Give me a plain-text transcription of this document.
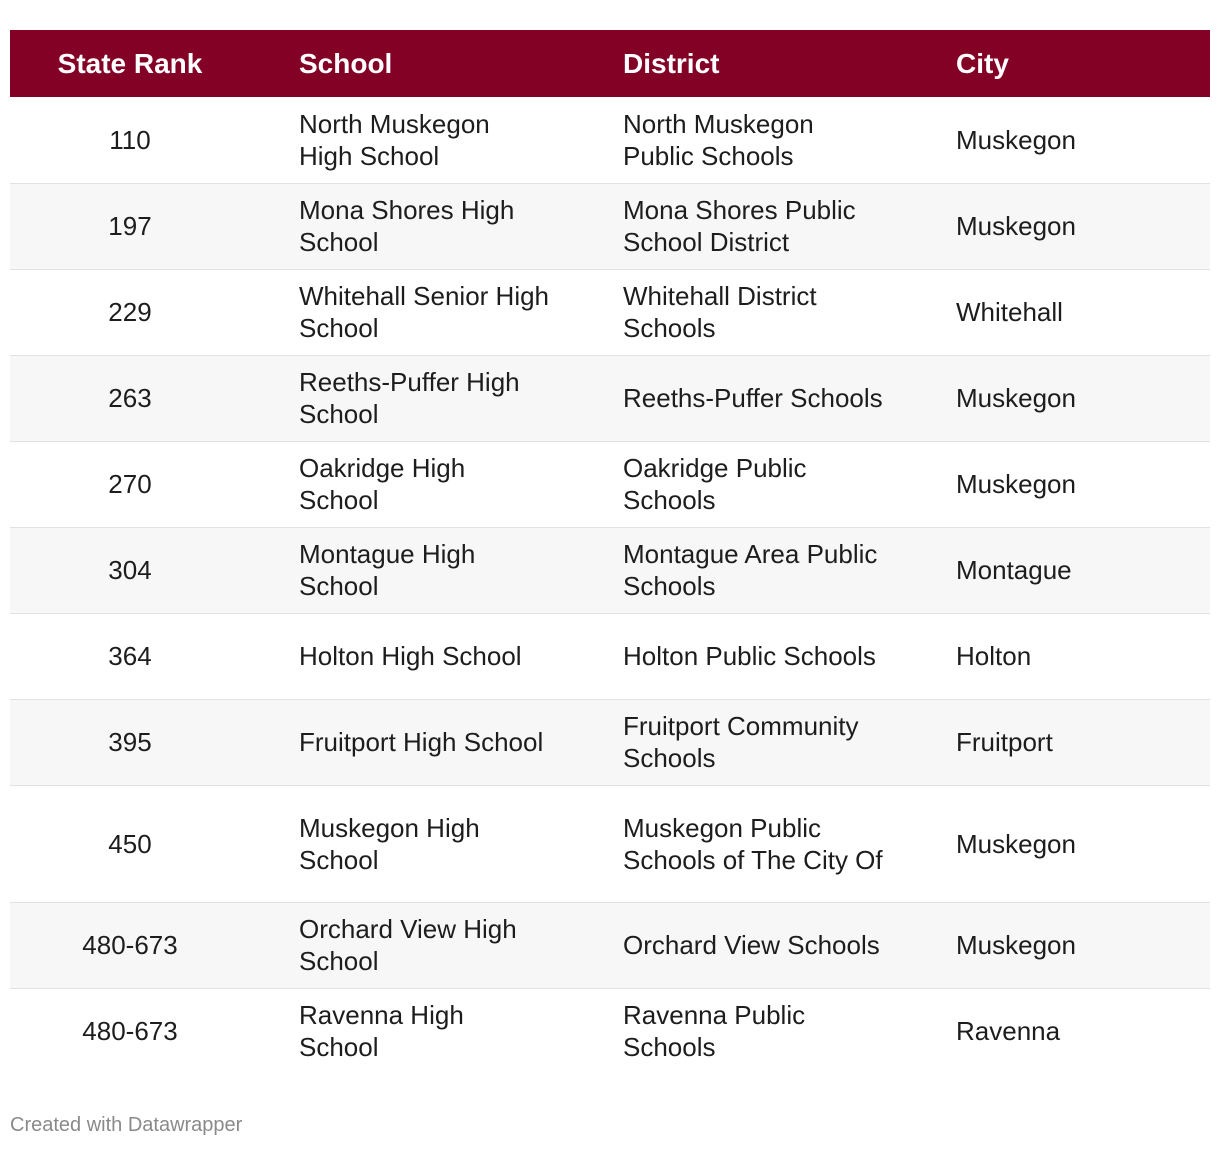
State Rank	School	District	City
110	North Muskegon High School	North Muskegon Public Schools	Muskegon
197	Mona Shores High School	Mona Shores Public School District	Muskegon
229	Whitehall Senior High School	Whitehall District Schools	Whitehall
263	Reeths-Puffer High School	Reeths-Puffer Schools	Muskegon
270	Oakridge High School	Oakridge Public Schools	Muskegon
304	Montague High School	Montague Area Public Schools	Montague
364	Holton High School	Holton Public Schools	Holton
395	Fruitport High School	Fruitport Community Schools	Fruitport
450	Muskegon High School	Muskegon Public Schools of The City Of	Muskegon
480-673	Orchard View High School	Orchard View Schools	Muskegon
480-673	Ravenna High School	Ravenna Public Schools	Ravenna
Created with Datawrapper
